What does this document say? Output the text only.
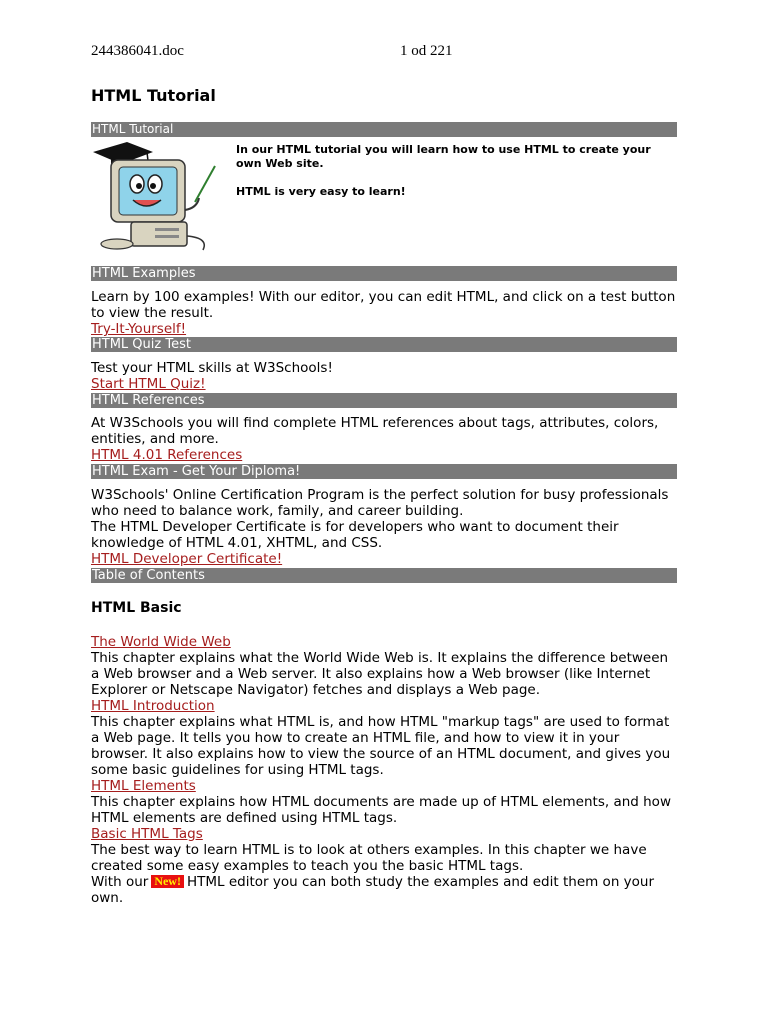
244386041.doc	1 od 221
HTML Tutorial
HTML Tutorial

In our HTML tutorial you will learn how to use HTML to create your own Web site.

HTML is very easy to learn!

HTML Examples

Learn by 100 examples! With our editor, you can edit HTML, and click on a test button to view the result.

Try-It-Yourself!

HTML Quiz Test

Test your HTML skills at W3Schools!

Start HTML Quiz!

HTML References

At W3Schools you will find complete HTML references about tags, attributes, colors, entities, and more.

HTML 4.01 References

HTML Exam - Get Your Diploma!

W3Schools' Online Certification Program is the perfect solution for busy professionals who need to balance work, family, and career building.

The HTML Developer Certificate is for developers who want to document their knowledge of HTML 4.01, XHTML, and CSS.

HTML Developer Certificate!

Table of Contents
HTML Basic

The World Wide Web

This chapter explains what the World Wide Web is. It explains the difference between a Web browser and a Web server. It also explains how a Web browser (like Internet Explorer or Netscape Navigator) fetches and displays a Web page.

HTML Introduction

This chapter explains what HTML is, and how HTML "markup tags" are used to format a Web page. It tells you how to create an HTML file, and how to view it in your browser. It also explains how to view the source of an HTML document, and gives you some basic guidelines for using HTML tags.

HTML Elements

This chapter explains how HTML documents are made up of HTML elements, and how HTML elements are defined using HTML tags.

Basic HTML Tags

The best way to learn HTML is to look at others examples. In this chapter we have created some easy examples to teach you the basic HTML tags.

With our New! HTML editor you can both study the examples and edit them on your own.
